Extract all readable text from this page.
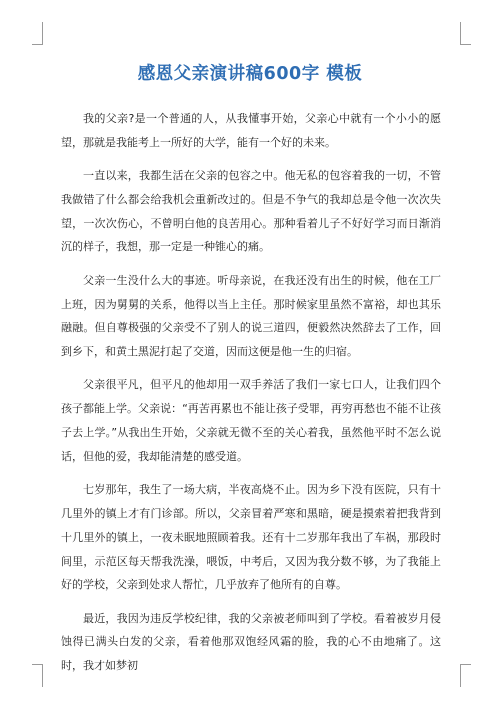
感恩父亲演讲稿600字 模板

我的父亲?是一个普通的人，从我懂事开始，父亲心中就有一个小小的愿望，那就是我能考上一所好的大学，能有一个好的未来。

一直以来，我都生活在父亲的包容之中。他无私的包容着我的一切，不管我做错了什么都会给我机会重新改过的。但是不争气的我却总是令他一次次失望，一次次伤心，不曾明白他的良苦用心。那种看着儿子不好好学习而日渐消沉的样子，我想，那一定是一种锥心的痛。

父亲一生没什么大的事迹。听母亲说，在我还没有出生的时候，他在工厂上班，因为舅舅的关系，他得以当上主任。那时候家里虽然不富裕，却也其乐融融。但自尊极强的父亲受不了别人的说三道四，便毅然决然辞去了工作，回到乡下，和黄土黑泥打起了交道，因而这便是他一生的归宿。

父亲很平凡，但平凡的他却用一双手养活了我们一家七口人，让我们四个孩子都能上学。父亲说：“再苦再累也不能让孩子受罪，再穷再愁也不能不让孩子去上学。”从我出生开始，父亲就无微不至的关心着我，虽然他平时不怎么说话，但他的爱，我却能清楚的感受道。

七岁那年，我生了一场大病，半夜高烧不止。因为乡下没有医院，只有十几里外的镇上才有门诊部。所以，父亲冒着严寒和黑暗，硬是摸索着把我背到十几里外的镇上，一夜未眠地照顾着我。还有十二岁那年我出了车祸，那段时间里，示范区每天帮我洗澡，喂饭，中考后，又因为我分数不够，为了我能上好的学校，父亲到处求人帮忙，几乎放弃了他所有的自尊。

最近，我因为违反学校纪律，我的父亲被老师叫到了学校。看着被岁月侵蚀得已满头白发的父亲，看着他那双饱经风霜的脸，我的心不由地痛了。这时，我才如梦初
